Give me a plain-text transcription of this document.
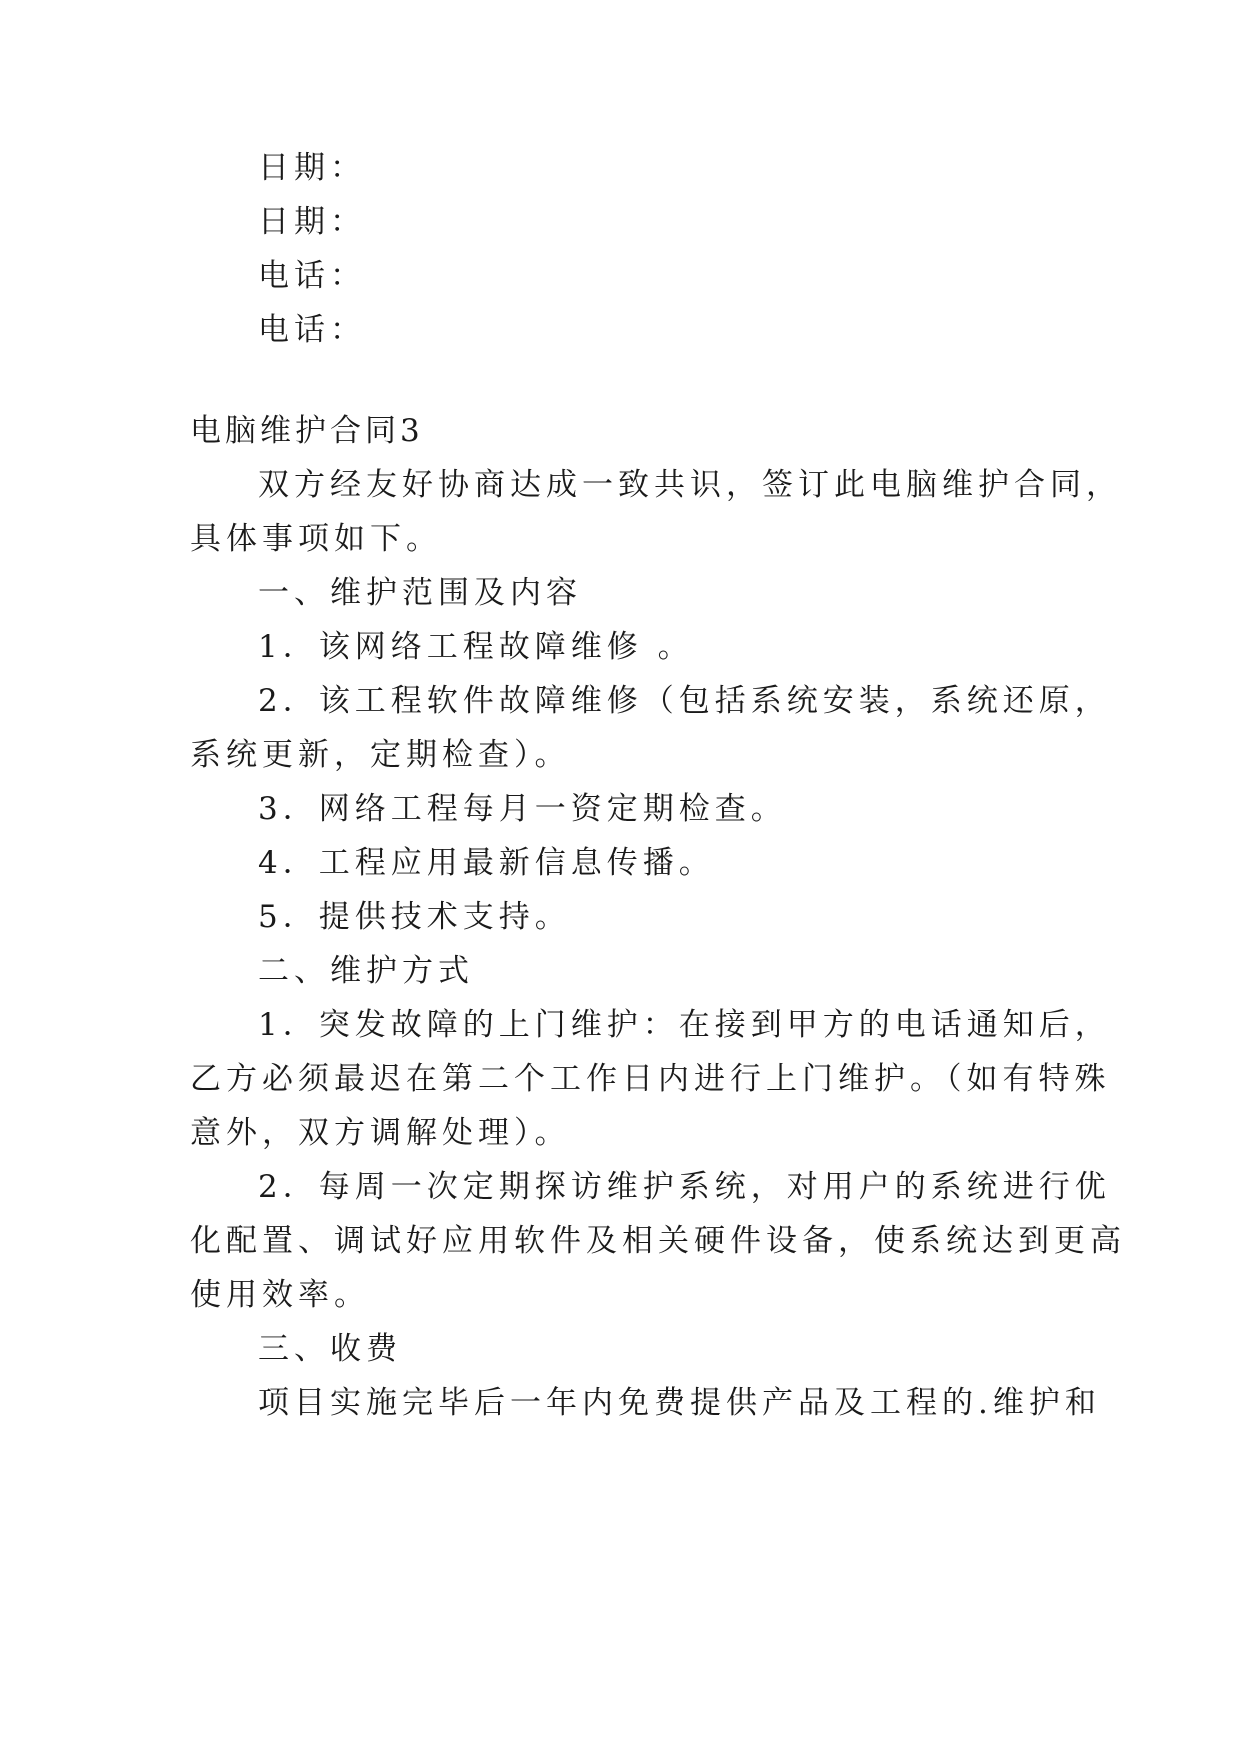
日期：
日期：
电话：
电话：
电脑维护合同3
双方经友好协商达成一致共识，签订此电脑维护合同，
具体事项如下。
一、维护范围及内容
1．该网络工程故障维修 。
2．该工程软件故障维修（包括系统安装，系统还原，
系统更新，定期检查）。
3．网络工程每月一资定期检查。
4．工程应用最新信息传播。
5．提供技术支持。
二、维护方式
1．突发故障的上门维护：在接到甲方的电话通知后，
乙方必须最迟在第二个工作日内进行上门维护。（如有特殊
意外，双方调解处理）。
2．每周一次定期探访维护系统，对用户的系统进行优
化配置、调试好应用软件及相关硬件设备，使系统达到更高
使用效率。
三、收费
项目实施完毕后一年内免费提供产品及工程的.维护和
